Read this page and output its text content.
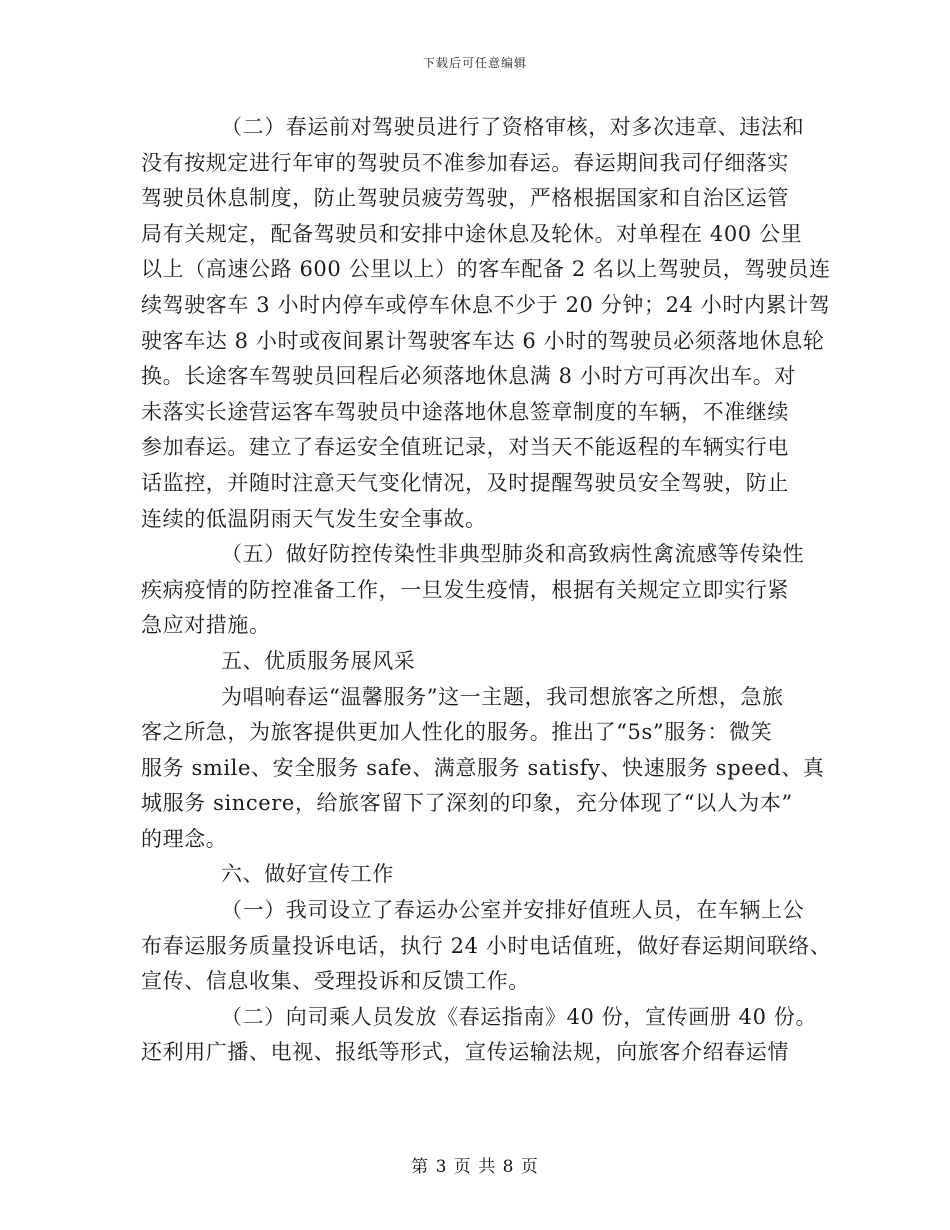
下载后可任意编辑
（二）春运前对驾驶员进行了资格审核，对多次违章、违法和
没有按规定进行年审的驾驶员不准参加春运。春运期间我司仔细落实
驾驶员休息制度，防止驾驶员疲劳驾驶，严格根据国家和自治区运管
局有关规定，配备驾驶员和安排中途休息及轮休。对单程在 400 公里
以上（高速公路 600 公里以上）的客车配备 2 名以上驾驶员，驾驶员连
续驾驶客车 3 小时内停车或停车休息不少于 20 分钟；24 小时内累计驾
驶客车达 8 小时或夜间累计驾驶客车达 6 小时的驾驶员必须落地休息轮
换。长途客车驾驶员回程后必须落地休息满 8 小时方可再次出车。对
未落实长途营运客车驾驶员中途落地休息签章制度的车辆，不准继续
参加春运。建立了春运安全值班记录，对当天不能返程的车辆实行电
话监控，并随时注意天气变化情况，及时提醒驾驶员安全驾驶，防止
连续的低温阴雨天气发生安全事故。
（五）做好防控传染性非典型肺炎和高致病性禽流感等传染性
疾病疫情的防控准备工作，一旦发生疫情，根据有关规定立即实行紧
急应对措施。
五、优质服务展风采
为唱响春运“温馨服务”这一主题，我司想旅客之所想，急旅
客之所急，为旅客提供更加人性化的服务。推出了“5s”服务：微笑
服务 smile、安全服务 safe、满意服务 satisfy、快速服务 speed、真
城服务 sincere，给旅客留下了深刻的印象，充分体现了“以人为本”
的理念。
六、做好宣传工作
（一）我司设立了春运办公室并安排好值班人员，在车辆上公
布春运服务质量投诉电话，执行 24 小时电话值班，做好春运期间联络、
宣传、信息收集、受理投诉和反馈工作。
（二）向司乘人员发放《春运指南》40 份，宣传画册 40 份。
还利用广播、电视、报纸等形式，宣传运输法规，向旅客介绍春运情
第 3 页 共 8 页
